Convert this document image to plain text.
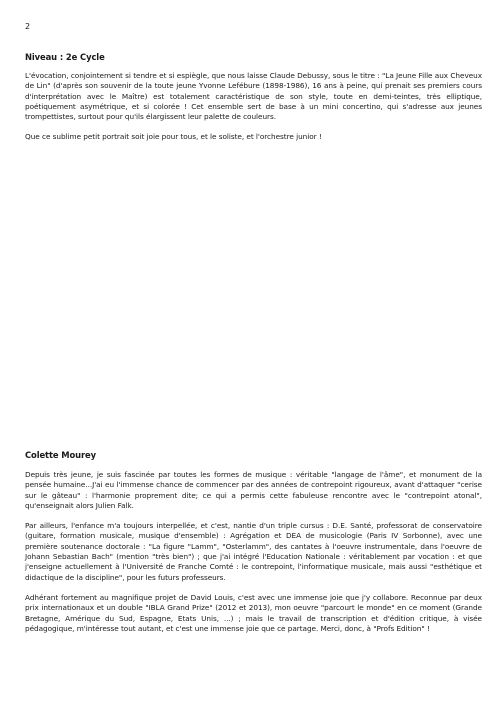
2
Niveau : 2e Cycle

L'évocation, conjointement si tendre et si espiègle, que nous laisse Claude Debussy, sous le titre : "La Jeune Fille aux Cheveux de Lin" (d'après son souvenir de la toute jeune Yvonne Lefébure (1898-1986), 16 ans à peine, qui prenait ses premiers cours d'interprétation avec le Maître) est totalement caractéristique de son style, toute en demi-teintes, très elliptique, poétiquement asymétrique, et si colorée ! Cet ensemble sert de base à un mini concertino, qui s'adresse aux jeunes trompettistes, surtout pour qu'ils élargissent leur palette de couleurs.

Que ce sublime petit portrait soit joie pour tous, et le soliste, et l'orchestre junior !

Colette Mourey

Depuis très jeune, je suis fascinée par toutes les formes de musique : véritable "langage de l'âme", et monument de la pensée humaine...J'ai eu l'immense chance de commencer par des années de contrepoint rigoureux, avant d'attaquer "cerise sur le gâteau" : l'harmonie proprement dite; ce qui a permis cette fabuleuse rencontre avec le "contrepoint atonal", qu'enseignait alors Julien Falk.

Par ailleurs, l'enfance m'a toujours interpellée, et c'est, nantie d'un triple cursus : D.E. Santé, professorat de conservatoire (guitare, formation musicale, musique d'ensemble) : Agrégation et DEA de musicologie (Paris IV Sorbonne), avec une première soutenance doctorale : "La figure "Lamm", "Osterlamm", des cantates à l'oeuvre instrumentale, dans l'oeuvre de Johann Sebastian Bach" (mention "très bien") ; que j'ai intégré l'Education Nationale : véritablement par vocation : et que j'enseigne actuellement à l'Université de Franche Comté : le contrepoint, l'informatique musicale, mais aussi "esthétique et didactique de la discipline", pour les futurs professeurs.

Adhérant fortement au magnifique projet de David Louis, c'est avec une immense joie que j'y collabore. Reconnue par deux prix internationaux et un double "IBLA Grand Prize" (2012 et 2013), mon oeuvre "parcourt le monde" en ce moment (Grande Bretagne, Amérique du Sud, Espagne, Etats Unis, ...) ; mais le travail de transcription et d'édition critique, à visée pédagogique, m'intéresse tout autant, et c'est une immense joie que ce partage. Merci, donc, à "Profs Edition" !
